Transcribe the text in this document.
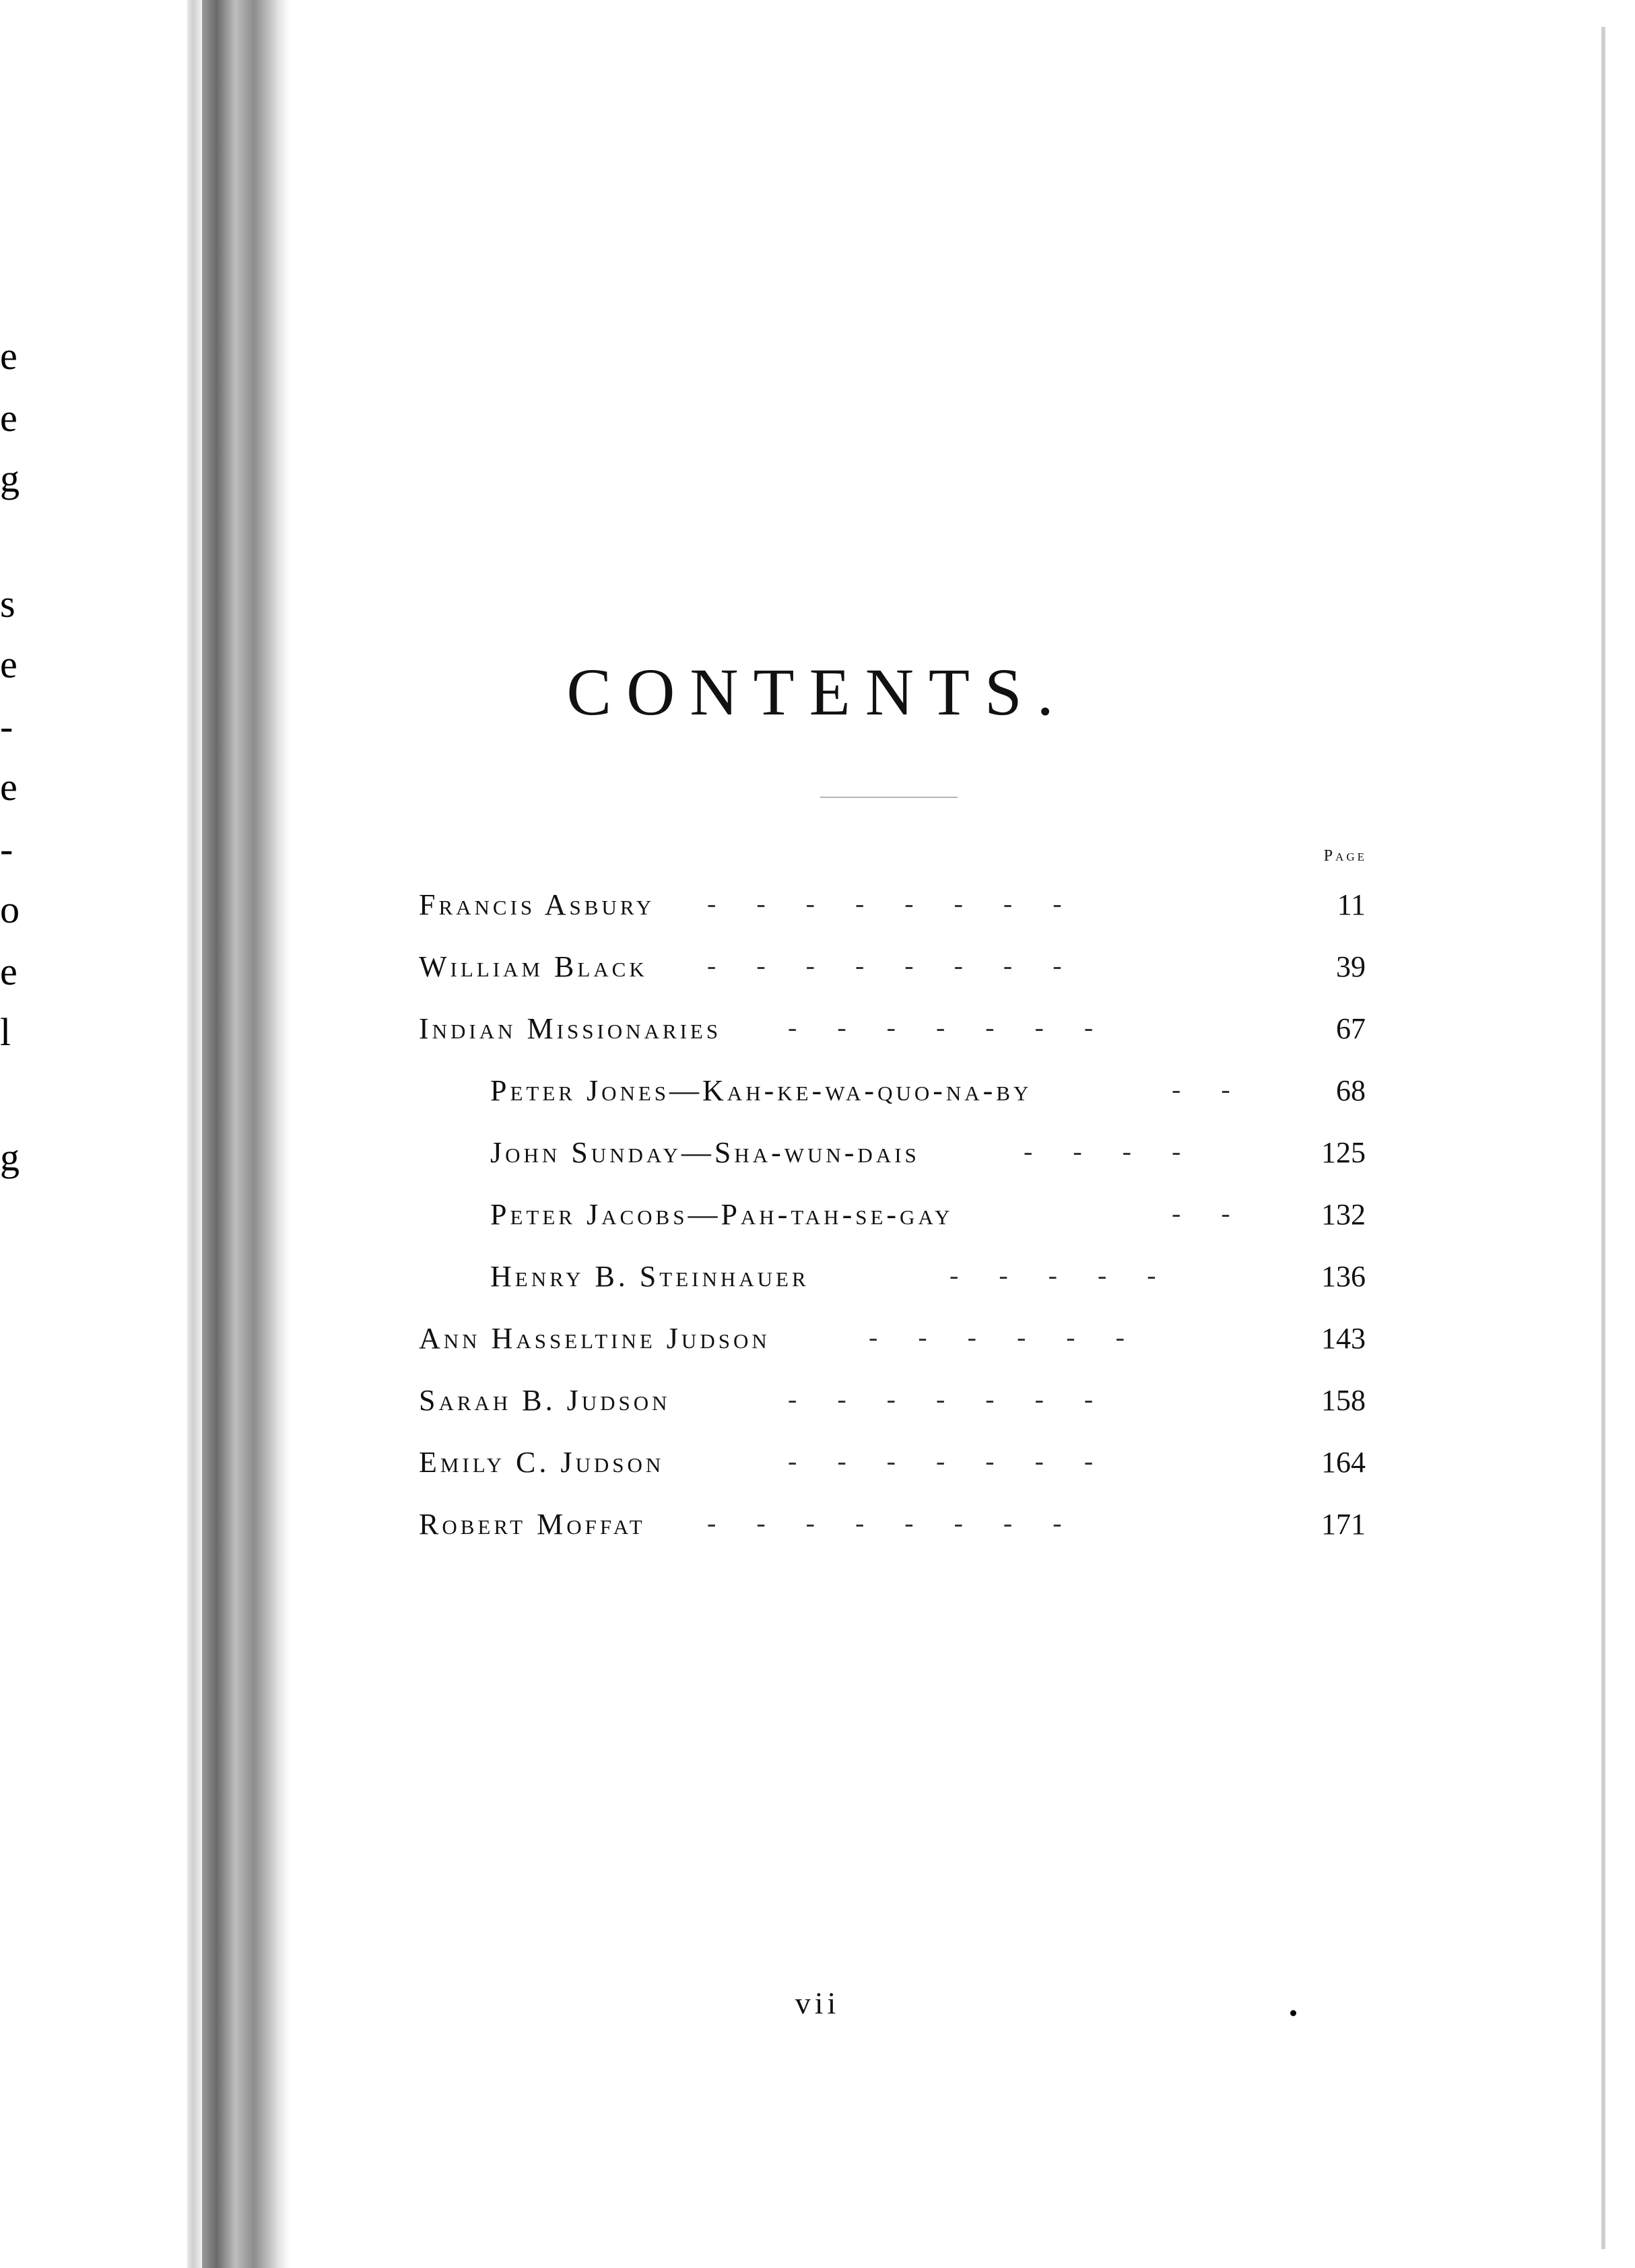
e
e
g
s
e
-
e
-
o
e
l
g
CONTENTS.
Page
Francis Asbury -      -      -      -      -      -      -      -	11
William Black -      -      -      -      -      -      -      -	39
Indian Missionaries -      -      -      -      -      -      -	67
Peter Jones—Kah-ke-wa-quo-na-by	-      -	68
John Sunday—Sha-wun-dais	-      -      -      -	125
Peter Jacobs—Pah-tah-se-gay	-      -	132
Henry B. Steinhauer	-      -      -      -      -	136
Ann Hasseltine Judson	-      -      -      -      -      -	143
Sarah B. Judson	-      -      -      -      -      -      -	158
Emily C. Judson	-      -      -      -      -      -      -	164
Robert Moffat -      -      -      -      -      -      -      -	171
vii
